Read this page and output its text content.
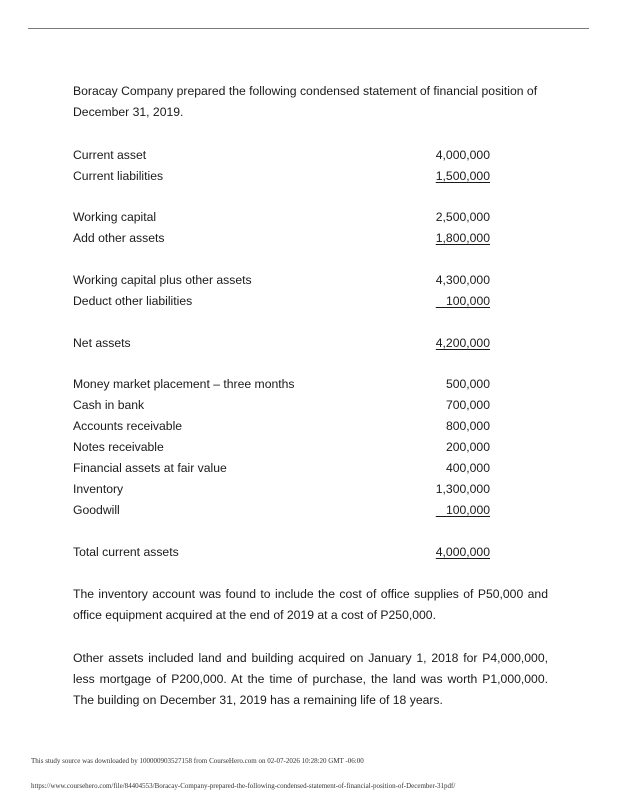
Boracay Company prepared the following condensed statement of financial position of December 31, 2019.

Current asset	4,000,000
Current liabilities	1,500,000
Working capital	2,500,000
Add other assets	1,800,000
Working capital plus other assets	4,300,000
Deduct other liabilities	100,000
Net assets	4,200,000
Money market placement – three months	500,000
Cash in bank	700,000
Accounts receivable	800,000
Notes receivable	200,000
Financial assets at fair value	400,000
Inventory	1,300,000
Goodwill	100,000
Total current assets	4,000,000

The inventory account was found to include the cost of office supplies of P50,000 and office equipment acquired at the end of 2019 at a cost of P250,000.

Other assets included land and building acquired on January 1, 2018 for P4,000,000, less mortgage of P200,000. At the time of purchase, the land was worth P1,000,000. The building on December 31, 2019 has a remaining life of 18 years.

This study source was downloaded by 100000903527158 from CourseHero.com on 02-07-2026 10:28:20 GMT -06:00
https://www.coursehero.com/file/84404553/Boracay-Company-prepared-the-following-condensed-statement-of-financial-position-of-December-31pdf/
